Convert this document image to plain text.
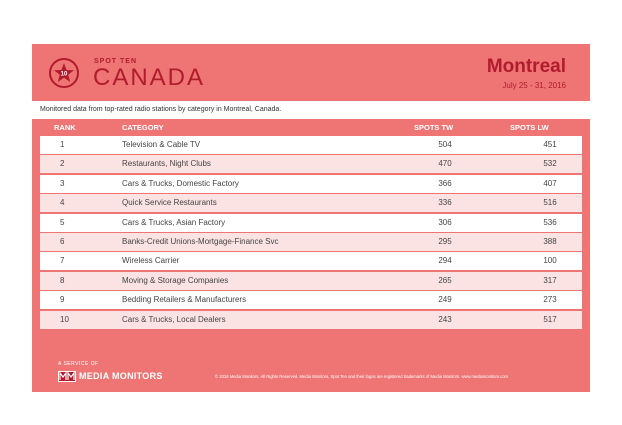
10
SPOT TEN
CANADA	Montreal
July 25 - 31, 2016
Monitored data from top-rated radio stations by category in Montreal, Canada.
RANK	CATEGORY	SPOTS TW	SPOTS LW
1	Television & Cable TV	504	451
2	Restaurants, Night Clubs	470	532
3	Cars & Trucks, Domestic Factory	366	407
4	Quick Service Restaurants	336	516
5	Cars & Trucks, Asian Factory	306	536
6	Banks-Credit Unions-Mortgage-Finance Svc	295	388
7	Wireless Carrier	294	100
8	Moving & Storage Companies	265	317
9	Bedding Retailers & Manufacturers	249	273
10	Cars & Trucks, Local Dealers	243	517
A SERVICE OF
MEDIA MONITORS	© 2016 Media Monitors. All Rights Reserved. Media Monitors, Spot Ten and their logos are registered trademarks of Media Monitors. www.mediamonitors.com
